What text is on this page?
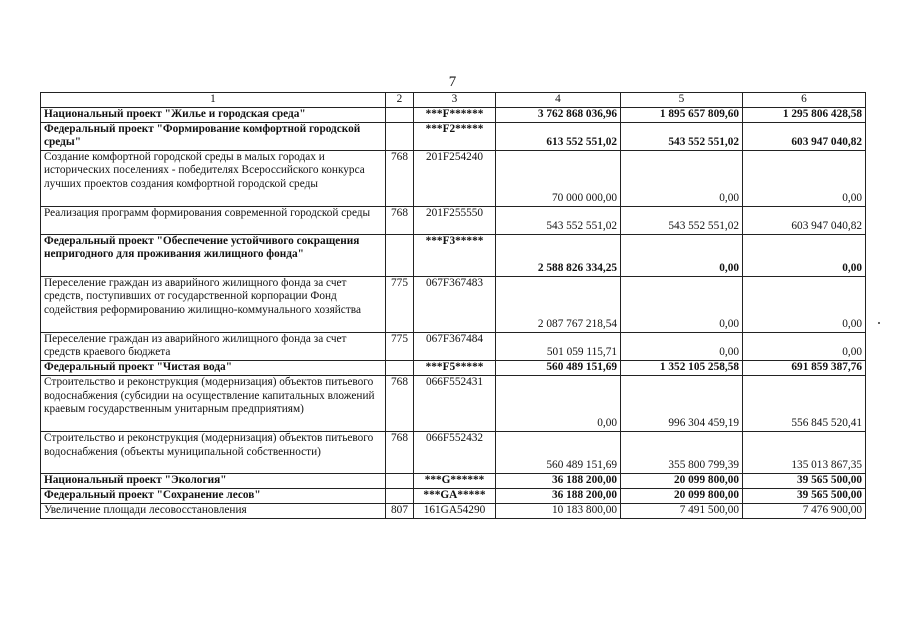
7
1	2	3	4	5	6
Национальный проект "Жилье и городская среда"		***F******	3 762 868 036,96	1 895 657 809,60	1 295 806 428,58
Федеральный проект "Формирование комфортной городской среды"		***F2*****	613 552 551,02	543 552 551,02	603 947 040,82
Создание комфортной городской среды в малых городах и исторических поселениях - победителях Всероссийского конкурса лучших проектов создания комфортной городской среды	768	201F254240	70 000 000,00	0,00	0,00
Реализация программ формирования современной городской среды	768	201F255550	543 552 551,02	543 552 551,02	603 947 040,82
Федеральный проект "Обеспечение устойчивого сокращения непригодного для проживания жилищного фонда"		***F3*****	2 588 826 334,25	0,00	0,00
Переселение граждан из аварийного жилищного фонда за счет средств, поступивших от государственной корпорации Фонд содействия реформированию жилищно-коммунального хозяйства	775	067F367483	2 087 767 218,54	0,00	0,00
Переселение граждан из аварийного жилищного фонда за счет средств краевого бюджета	775	067F367484	501 059 115,71	0,00	0,00
Федеральный проект "Чистая вода"		***F5*****	560 489 151,69	1 352 105 258,58	691 859 387,76
Строительство и реконструкция (модернизация) объектов питьевого водоснабжения (субсидии на осуществление капитальных вложений краевым государственным унитарным предприятиям)	768	066F552431	0,00	996 304 459,19	556 845 520,41
Строительство и реконструкция (модернизация) объектов питьевого водоснабжения (объекты муниципальной собственности)	768	066F552432	560 489 151,69	355 800 799,39	135 013 867,35
Национальный проект "Экология"		***G******	36 188 200,00	20 099 800,00	39 565 500,00
Федеральный проект "Сохранение лесов"		***GA*****	36 188 200,00	20 099 800,00	39 565 500,00
Увеличение площади лесовосстановления	807	161GA54290	10 183 800,00	7 491 500,00	7 476 900,00
